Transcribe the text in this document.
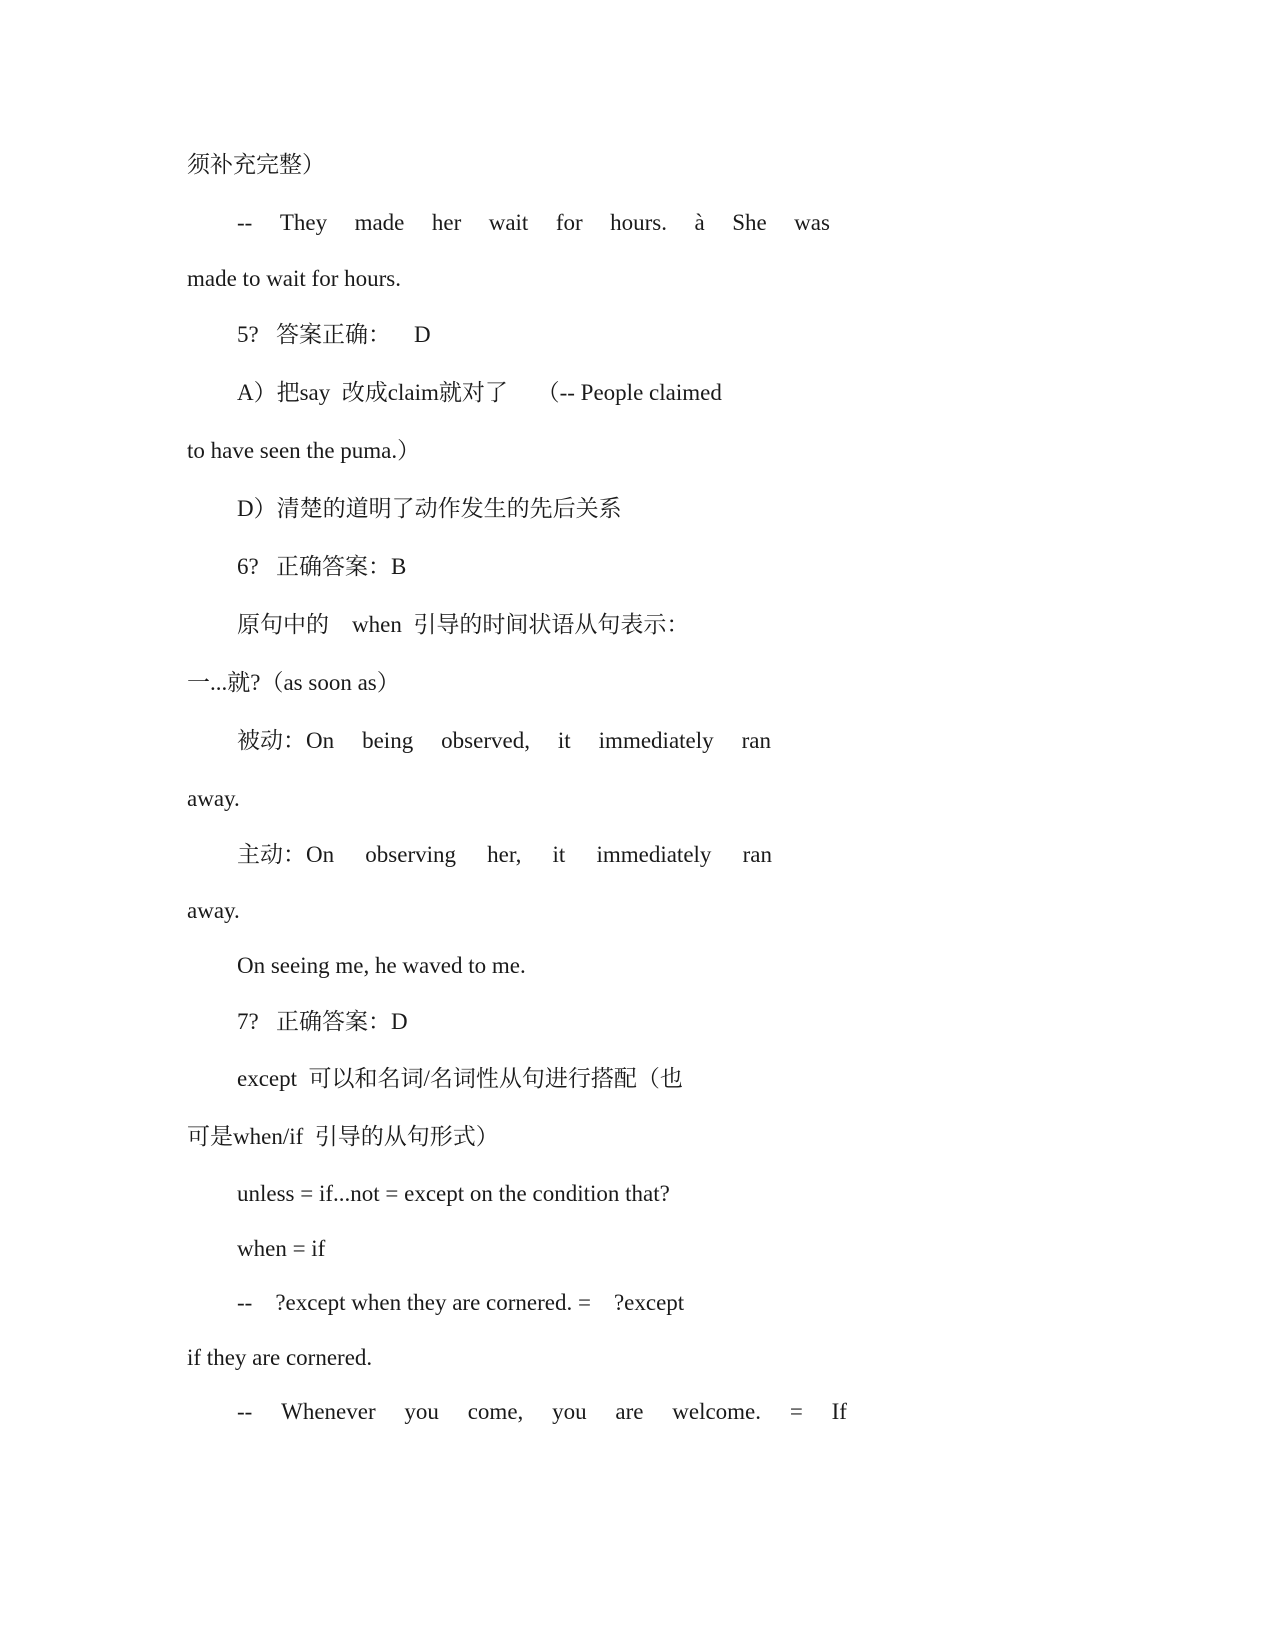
须补充完整）
-- They made her wait for hours. à She was
made to wait for hours.
5?   答案正确：    D
A）把say  改成claim就对了     （-- People claimed
to have seen the puma.）
D）清楚的道明了动作发生的先后关系
6?   正确答案：B
原句中的    when  引导的时间状语从句表示：
一...就?（as soon as）
被动：On being observed, it immediately ran
away.
主动：On observing her, it immediately ran
away.
On seeing me, he waved to me.
7?   正确答案：D
except  可以和名词/名词性从句进行搭配（也
可是when/if  引导的从句形式）
unless = if...not = except on the condition that?
when = if
--    ?except when they are cornered. =    ?except
if they are cornered.
-- Whenever you come, you are welcome. = If
